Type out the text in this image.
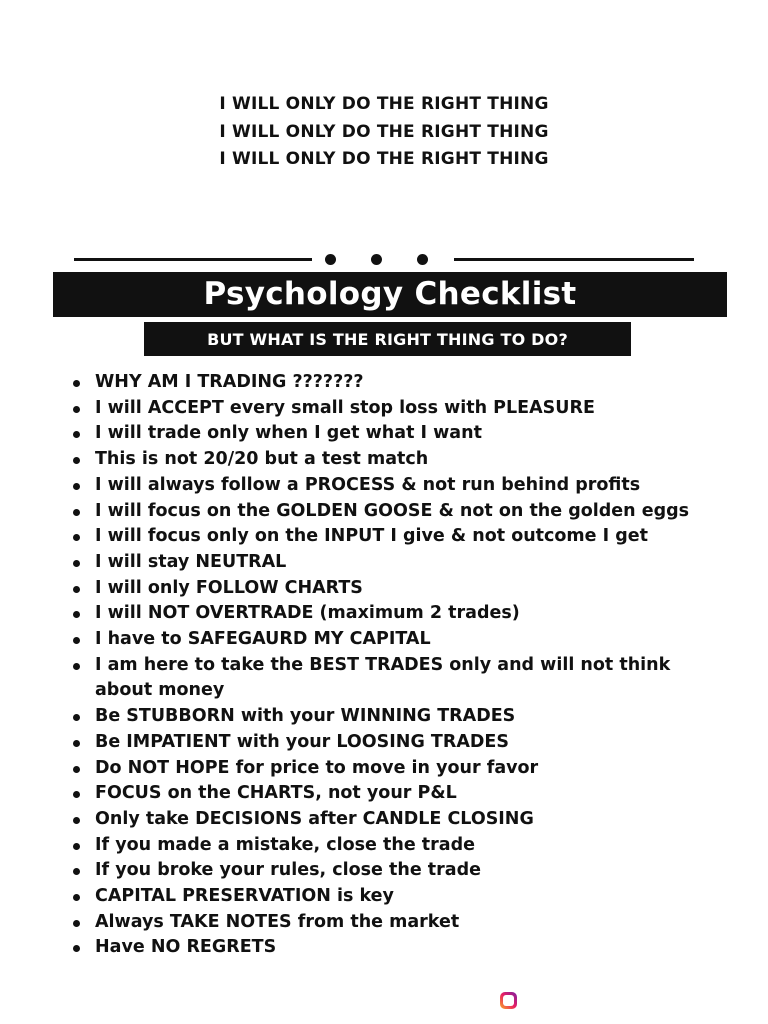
I WILL ONLY DO THE RIGHT THING
I WILL ONLY DO THE RIGHT THING
I WILL ONLY DO THE RIGHT THING
Psychology Checklist
BUT WHAT IS THE RIGHT THING TO DO?
WHY AM I TRADING ???????
I will ACCEPT every small stop loss with PLEASURE
I will trade only when I get what I want
This is not 20/20 but a test match
I will always follow a PROCESS & not run behind profits
I will focus on the GOLDEN GOOSE & not on the golden eggs
I will focus only on the INPUT I give & not outcome I get
I will stay NEUTRAL
I will only FOLLOW CHARTS
I will NOT OVERTRADE (maximum 2 trades)
I have to SAFEGAURD MY CAPITAL
I am here to take the BEST TRADES only and will not think about money
Be STUBBORN with your WINNING TRADES
Be IMPATIENT with your LOOSING TRADES
Do NOT HOPE for price to move in your favor
FOCUS on the CHARTS, not your P&L
Only take DECISIONS after CANDLE CLOSING
If you made a mistake, close the trade
If you broke your rules, close the trade
CAPITAL PRESERVATION is key
Always TAKE NOTES from the market
Have NO REGRETS
